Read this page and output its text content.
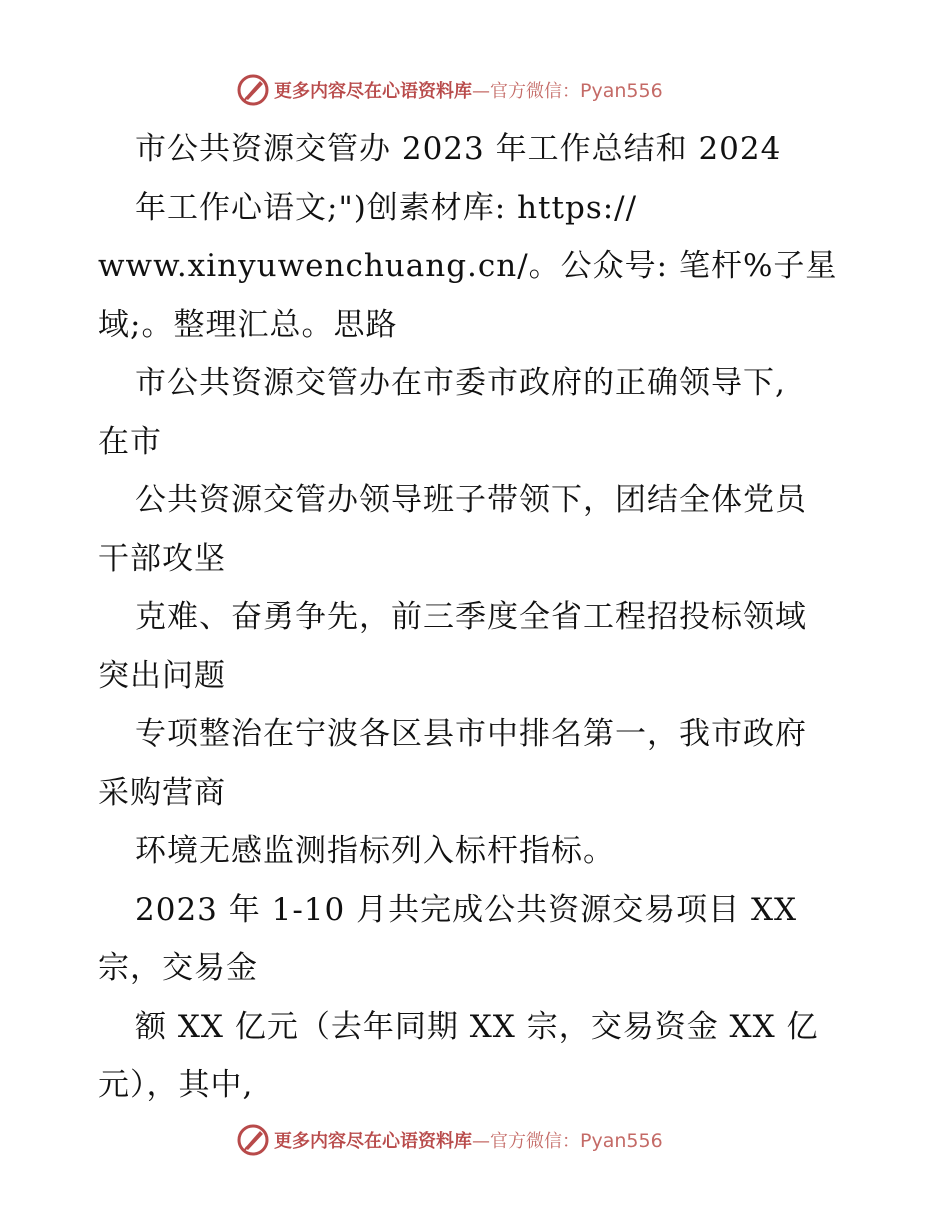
更多内容尽在心语资料库—官方微信：Pyan556
市公共资源交管办 2023 年工作总结和 2024
年工作心语文;")创素材库: https://
www.xinyuwenchuang.cn/。公众号: 笔杆%子星
域;。整理汇总。思路
市公共资源交管办在市委市政府的正确领导下,
在市
公共资源交管办领导班子带领下，团结全体党员
干部攻坚
克难、奋勇争先，前三季度全省工程招投标领域
突出问题
专项整治在宁波各区县市中排名第一，我市政府
采购营商
环境无感监测指标列入标杆指标。
2023 年 1-10 月共完成公共资源交易项目 XX
宗，交易金
额 XX 亿元（去年同期 XX 宗，交易资金 XX 亿
元），其中,
更多内容尽在心语资料库—官方微信：Pyan556
